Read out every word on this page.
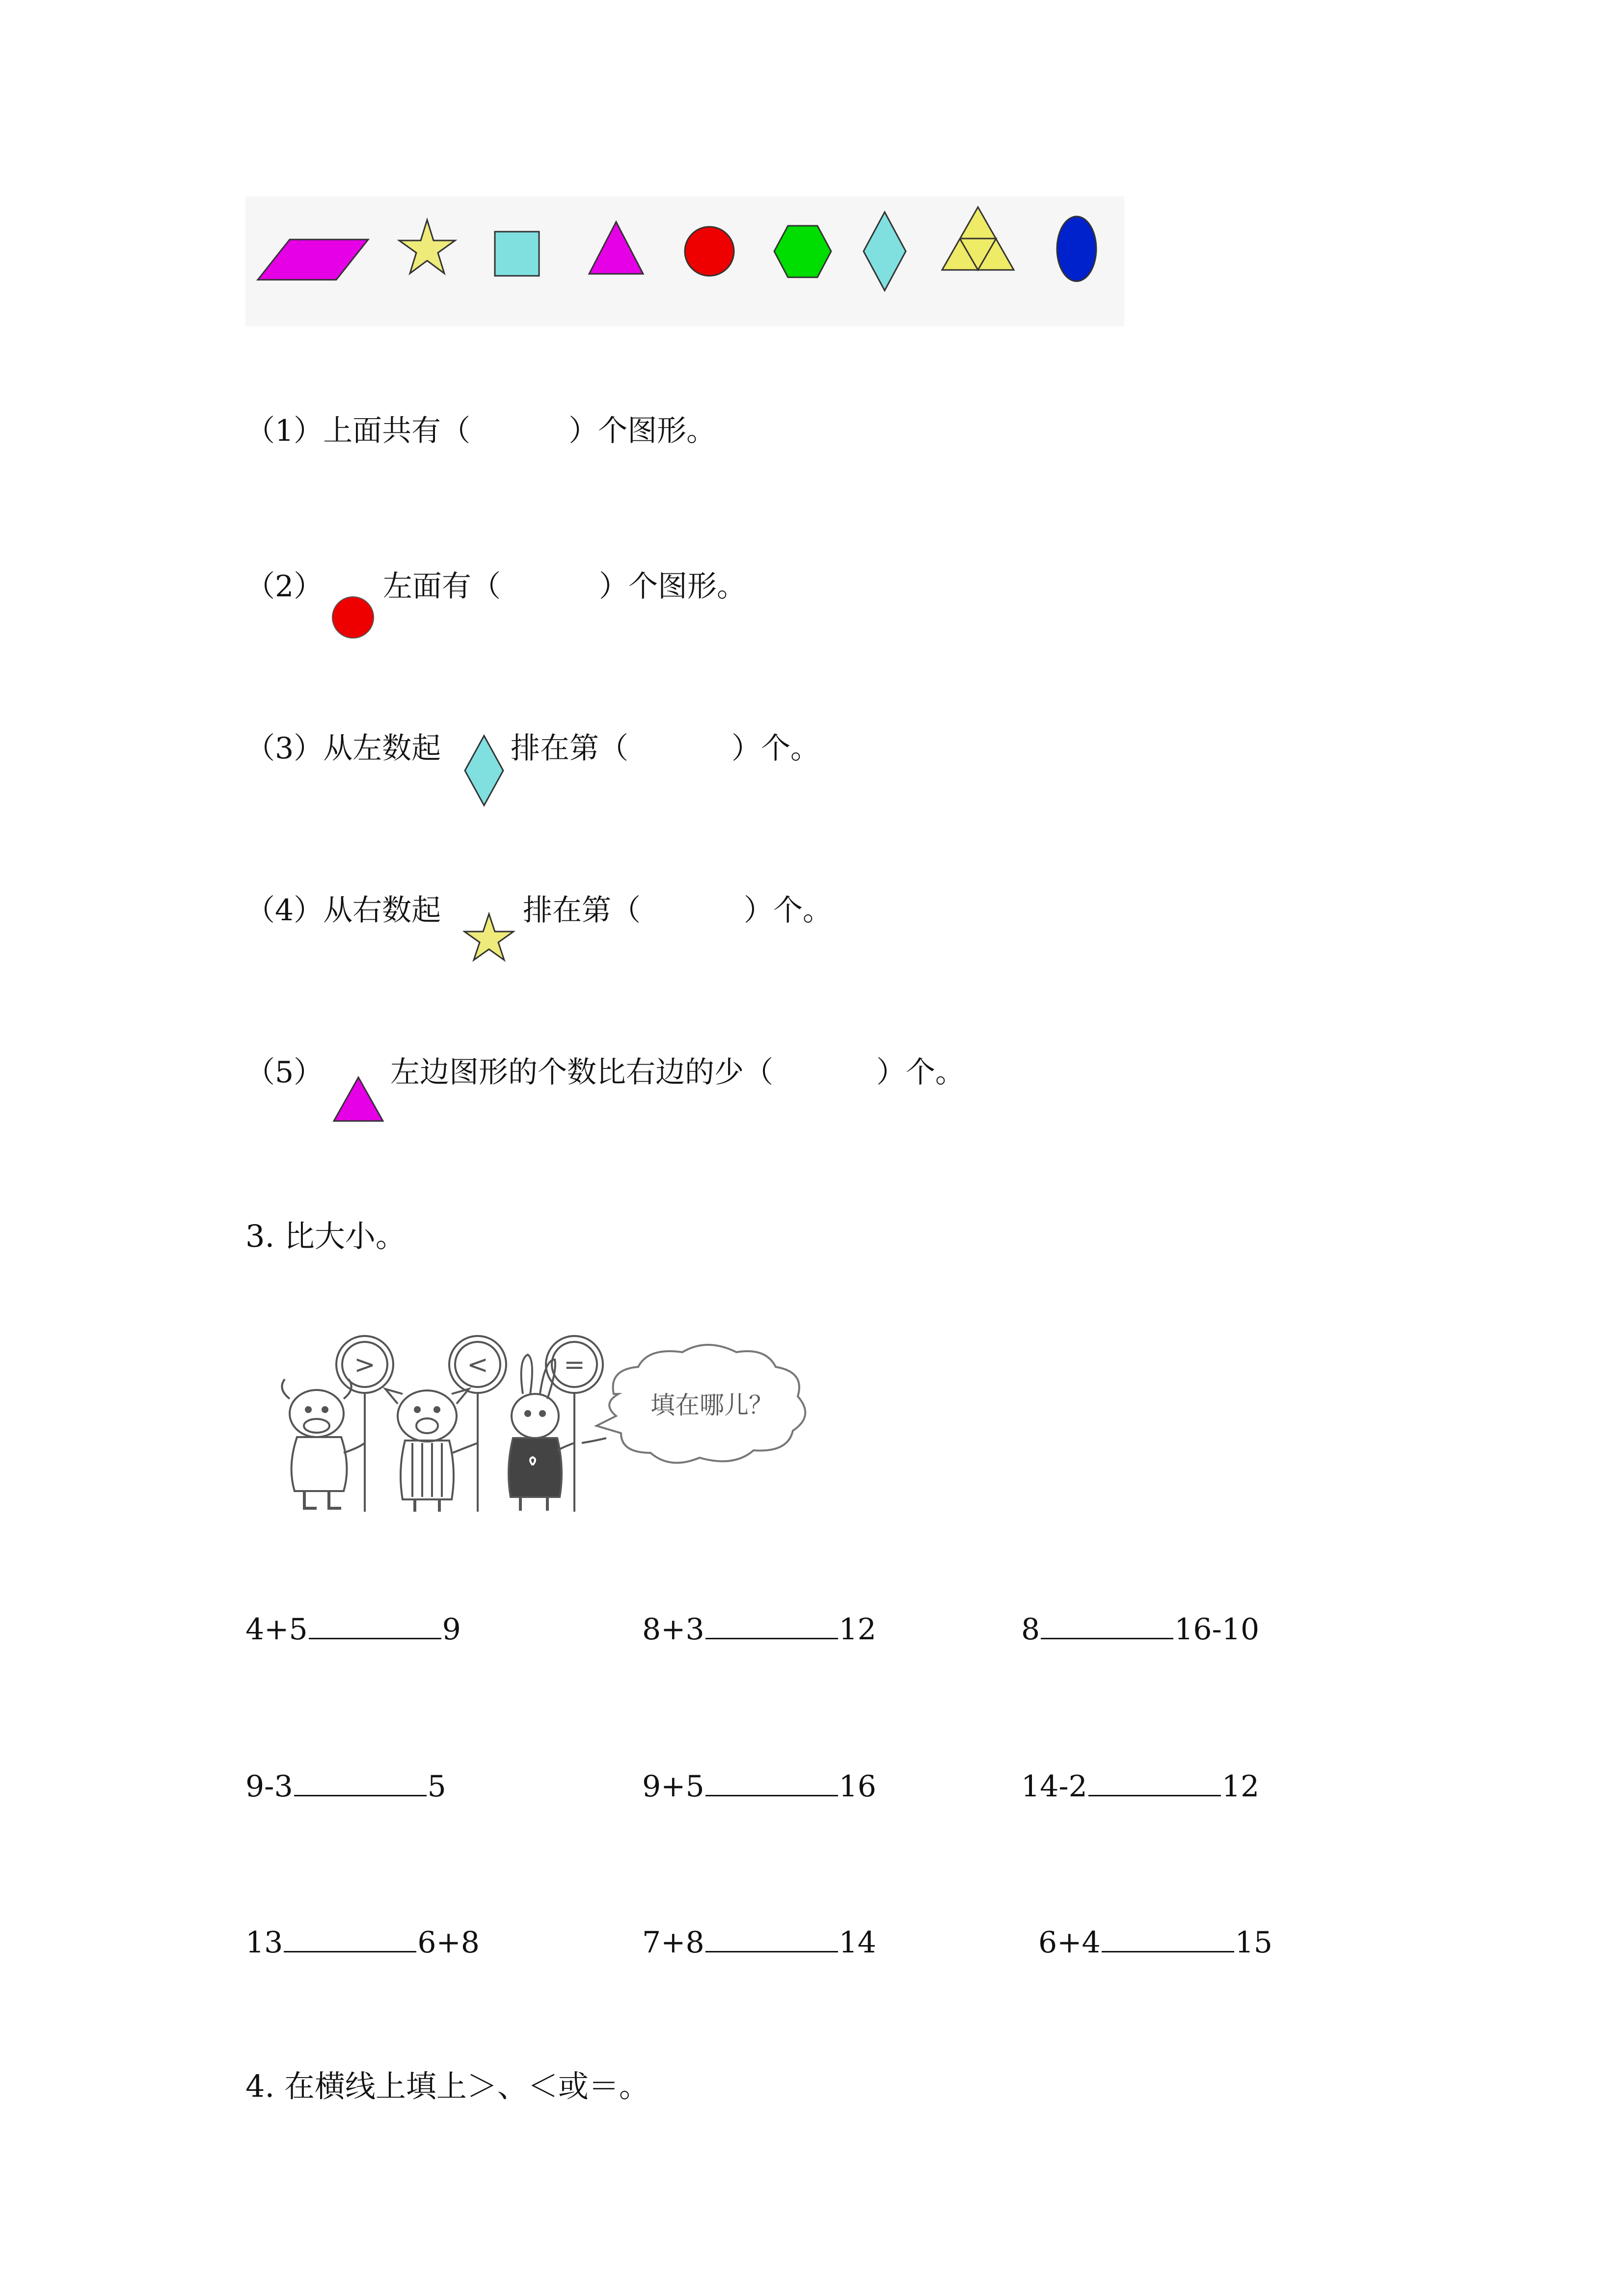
（1）上面共有（	）个图形。
（2） 左面有（	）个图形。
（3）从左数起 排在第（	）个。
（4）从右数起	排在第（	）个。
（5） 左边图形的个数比右边的少（	）个。
3. 比大小。
>	<	=
填在哪儿？
4+5	9	8+3	12	8	16-10
9-3	5	9+5	16	14-2	12
13	6+8	7+8	14	6+4	15
4. 在横线上填上＞、＜或＝。
